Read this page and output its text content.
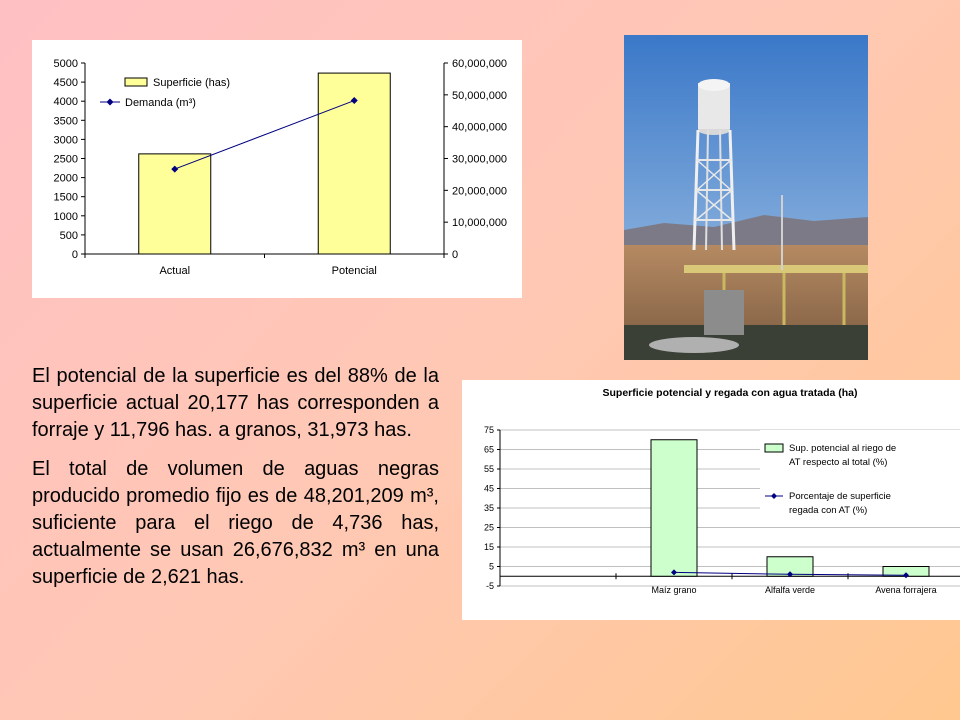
0
500
1000
1500
2000
2500
3000
3500
4000
4500
5000
0
10,000,000
20,000,000
30,000,000
40,000,000
50,000,000
60,000,000
Actual	Potencial
Superficie (has)
Demanda (m³)

El potencial de la superficie es del 88% de la superficie actual 20,177 has corresponden a forraje y 11,796 has. a granos, 31,973 has.

El total de volumen de aguas negras producido promedio fijo es de 48,201,209 m³, suficiente para el riego de 4,736 has, actualmente se usan 26,676,832 m³ en una superficie de 2,621 has.

Superficie potencial y regada con agua tratada (ha)
-5
5
15
25
35
45
55
65
75
Maíz grano	Alfalfa verde	Avena forrajera
Sup. potencial al riego de
AT respecto al total (%)
Porcentaje de superficie
regada con AT (%)
